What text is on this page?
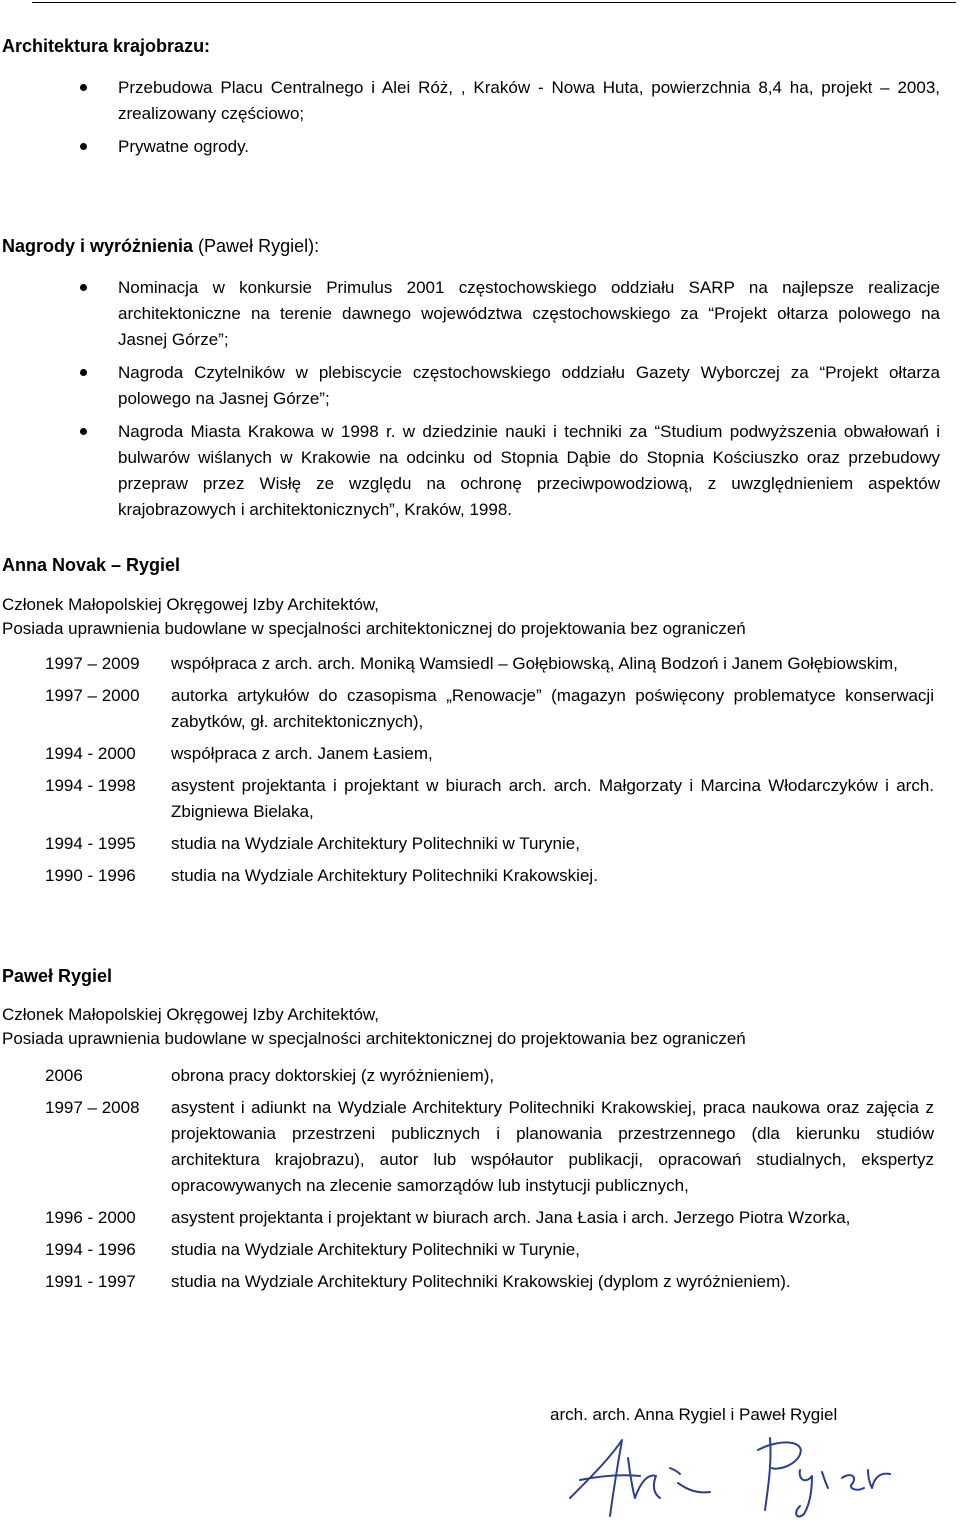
Architektura krajobrazu:
Przebudowa Placu Centralnego i Alei Róż, , Kraków - Nowa Huta, powierzchnia 8,4 ha, projekt – 2003, zrealizowany częściowo;
Prywatne ogrody.
Nagrody i wyróżnienia (Paweł Rygiel):
Nominacja w konkursie Primulus 2001 częstochowskiego oddziału SARP na najlepsze realizacje architektoniczne na terenie dawnego województwa częstochowskiego za “Projekt ołtarza polowego na Jasnej Górze”;
Nagroda Czytelników w plebiscycie częstochowskiego oddziału Gazety Wyborczej za “Projekt ołtarza polowego na Jasnej Górze”;
Nagroda Miasta Krakowa w 1998 r. w dziedzinie nauki i techniki za “Studium podwyższenia obwałowań i bulwarów wiślanych w Krakowie na odcinku od Stopnia Dąbie do Stopnia Kościuszko oraz przebudowy przepraw przez Wisłę ze względu na ochronę przeciwpowodziową, z uwzględnieniem aspektów krajobrazowych i architektonicznych”, Kraków, 1998.
Anna Novak – Rygiel
Członek Małopolskiej Okręgowej Izby Architektów,
Posiada uprawnienia budowlane w specjalności architektonicznej do projektowania bez ograniczeń
1997 – 2009 współpraca z arch. arch. Moniką Wamsiedl – Gołębiowską, Aliną Bodzoń i Janem Gołębiowskim,
1997 – 2000 autorka artykułów do czasopisma „Renowacje” (magazyn poświęcony problematyce konserwacji zabytków, gł. architektonicznych),
1994 - 2000 współpraca z arch. Janem Łasiem,
1994 - 1998 asystent projektanta i projektant w biurach arch. arch. Małgorzaty i Marcina Włodarczyków i arch. Zbigniewa Bielaka,
1994 - 1995 studia na Wydziale Architektury Politechniki w Turynie,
1990 - 1996 studia na Wydziale Architektury Politechniki Krakowskiej.
Paweł Rygiel
Członek Małopolskiej Okręgowej Izby Architektów,
Posiada uprawnienia budowlane w specjalności architektonicznej do projektowania bez ograniczeń
2006	obrona pracy doktorskiej (z wyróżnieniem),
1997 – 2008 asystent i adiunkt na Wydziale Architektury Politechniki Krakowskiej, praca naukowa oraz zajęcia z projektowania przestrzeni publicznych i planowania przestrzennego (dla kierunku studiów architektura krajobrazu), autor lub współautor publikacji, opracowań studialnych, ekspertyz opracowywanych na zlecenie samorządów lub instytucji publicznych,
1996 - 2000 asystent projektanta i projektant w biurach arch. Jana Łasia i arch. Jerzego Piotra Wzorka,
1994 - 1996 studia na Wydziale Architektury Politechniki w Turynie,
1991 - 1997 studia na Wydziale Architektury Politechniki Krakowskiej (dyplom z wyróżnieniem).
arch. arch. Anna Rygiel i Paweł Rygiel
